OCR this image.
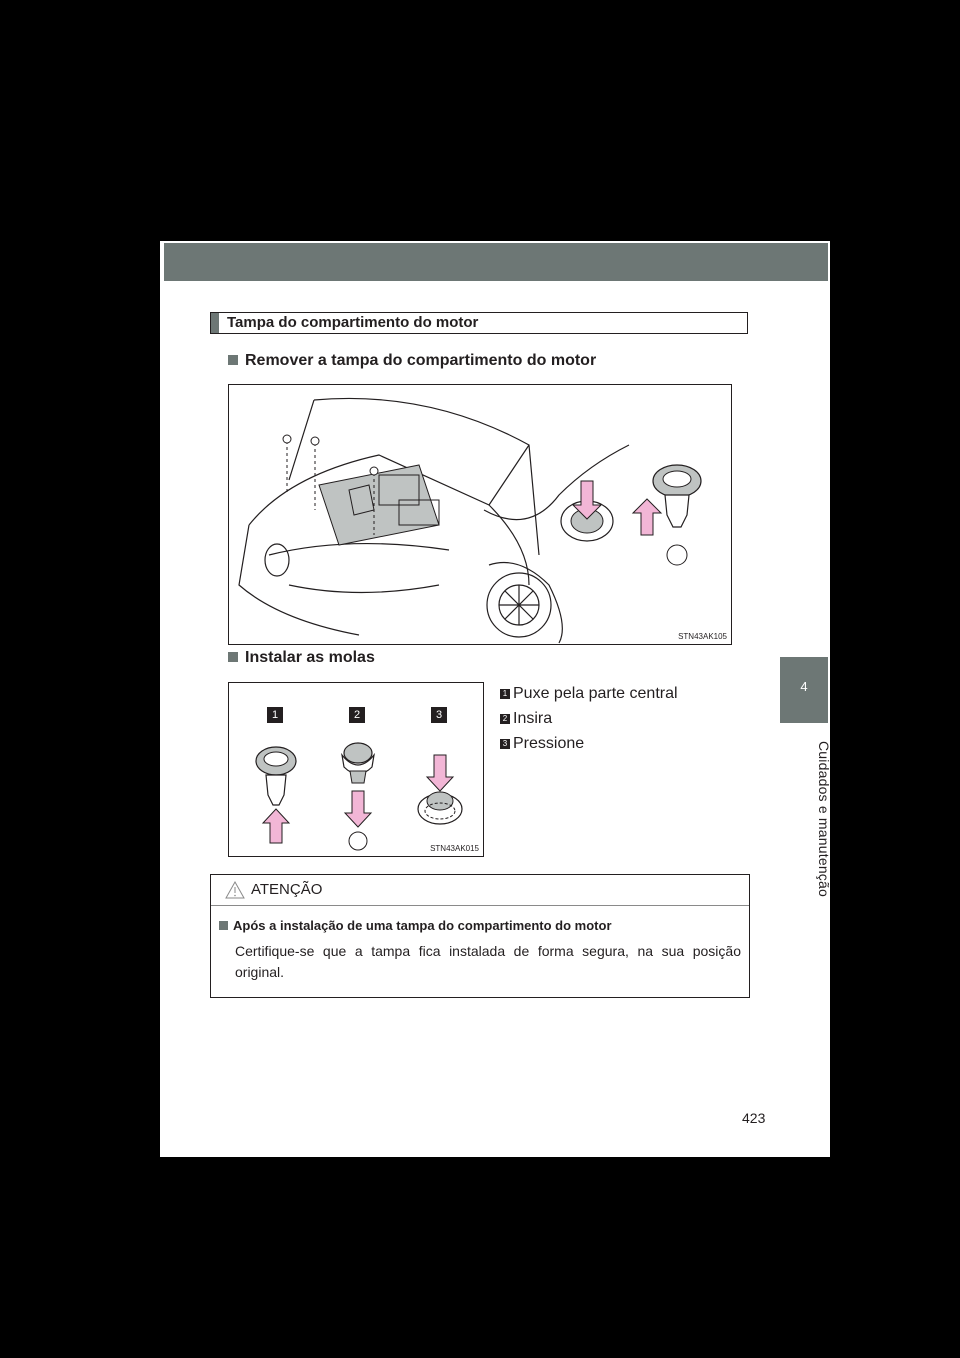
4
Cuidados e manutenção
Tampa do compartimento do motor
Remover a tampa do compartimento do motor
STN43AK105
Instalar as molas
1	2	3
STN43AK015
1 Puxe pela parte central
2 Insira
3 Pressione
ATENÇÃO
Após a instalação de uma tampa do compartimento do motor
Certifique-se que a tampa fica instalada de forma segura, na sua posição original.
423
